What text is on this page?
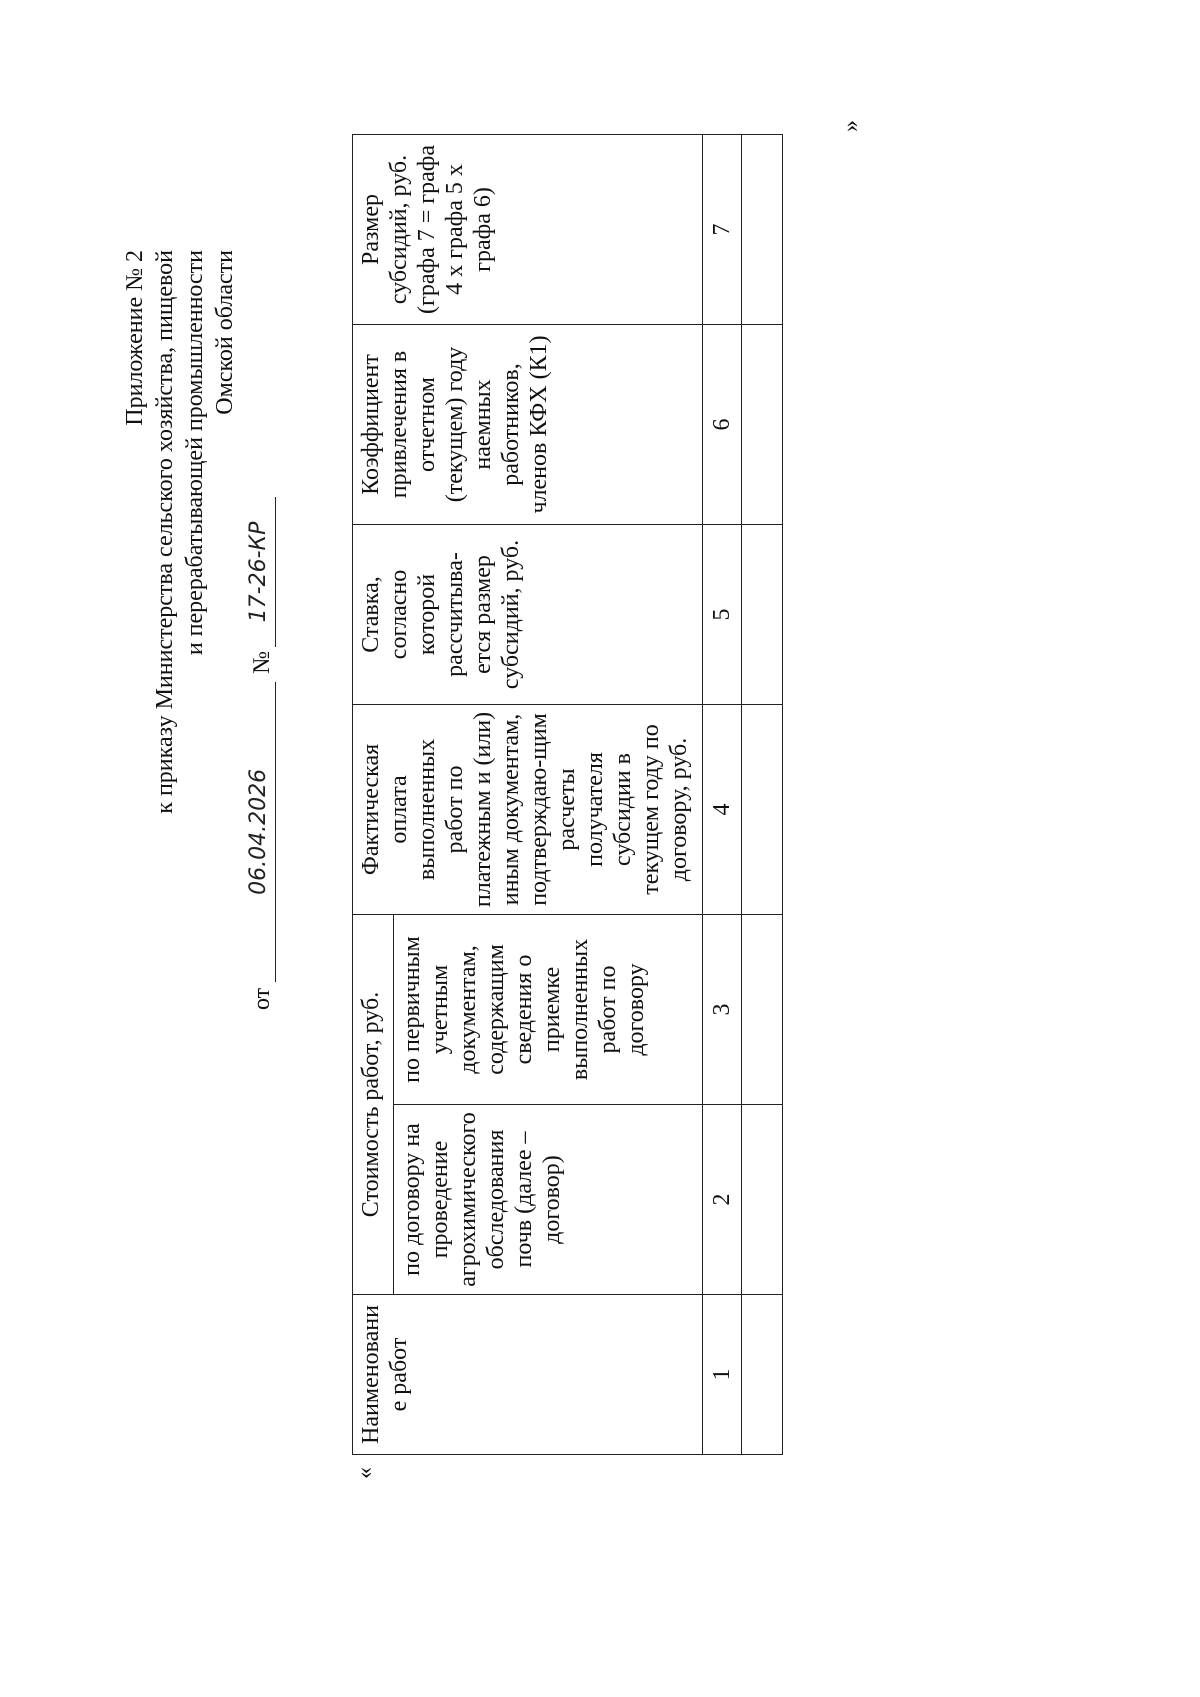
Приложение № 2 к приказу Министерства сельского хозяйства, пищевой и перерабатывающей промышленности Омской области
от
06.04.2026
№
17-26-КР
«
»
Наименование работ	Стоимость работ, руб.		Фактическая оплата выполненных работ по платежным и (или) иным документам, подтверждаю-щим расчеты получателя субсидии в текущем году по договору, руб.	Ставка, согласно которой рассчитыва-ется размер субсидий, руб.	Коэффициент привлечения в отчетном (текущем) году наемных работников, членов КФХ (К1)	Размер субсидий, руб. (графа 7 = графа 4 х графа 5 х графа 6)
	по договору на проведение агрохимического обследования почв (далее – договор)	по первичным учетным документам, содержащим сведения о приемке выполненных работ по договору				
1	2	3	4	5	6	7
